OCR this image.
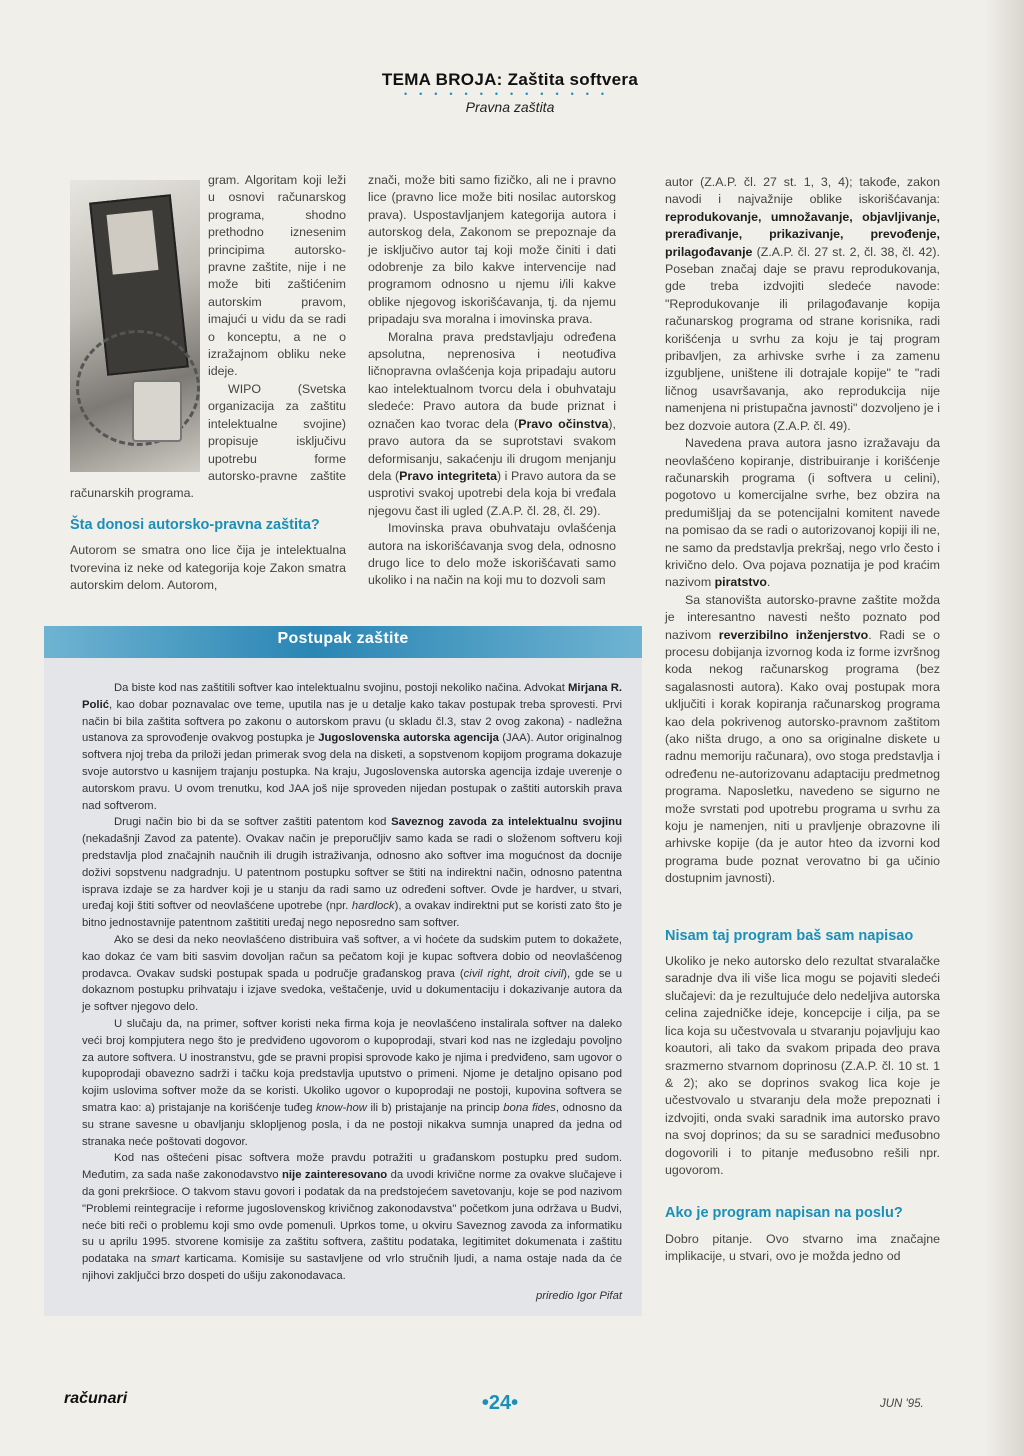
TEMA BROJA: Zaštita softvera
••••••••••••••
Pravna zaštita

gram. Algoritam koji leži u osnovi računarskog programa, shodno prethodno iznesenim principima autorsko-pravne zaštite, nije i ne može biti zaštićenim autorskim pravom, imajući u vidu da se radi o konceptu, a ne o izražajnom obliku neke ideje.

WIPO (Svetska organizacija za zaštitu intelektualne svojine) propisuje isključivu upotrebu forme autorsko-pravne zaštite računarskih programa.

Šta donosi autorsko-pravna zaštita?

Autorom se smatra ono lice čija je intelektualna tvorevina iz neke od kategorija koje Zakon smatra autorskim delom. Autorom,

znači, može biti samo fizičko, ali ne i pravno lice (pravno lice može biti nosilac autorskog prava). Uspostavljanjem kategorija autora i autorskog dela, Zakonom se prepoznaje da je isključivo autor taj koji može činiti i dati odobrenje za bilo kakve intervencije nad programom odnosno u njemu i/ili kakve oblike njegovog iskorišćavanja, tj. da njemu pripadaju sva moralna i imovinska prava.

Moralna prava predstavljaju određena apsolutna, neprenosiva i neotuđiva ličnopravna ovlašćenja koja pripadaju autoru kao intelektualnom tvorcu dela i obuhvataju sledeće: Pravo autora da bude priznat i označen kao tvorac dela (Pravo očinstva), pravo autora da se suprotstavi svakom deformisanju, sakaćenju ili drugom menjanju dela (Pravo integriteta) i Pravo autora da se usprotivi svakoj upotrebi dela koja bi vređala njegovu čast ili ugled (Z.A.P. čl. 28, čl. 29).

Imovinska prava obuhvataju ovlašćenja autora na iskorišćavanja svog dela, odnosno drugo lice to delo može iskorišćavati samo ukoliko i na način na koji mu to dozvoli sam

autor (Z.A.P. čl. 27 st. 1, 3, 4); takođe, zakon navodi i najvažnije oblike iskorišćavanja: reprodukovanje, umnožavanje, objavljivanje, prerađivanje, prikazivanje, prevođenje, prilagođavanje (Z.A.P. čl. 27 st. 2, čl. 38, čl. 42). Poseban značaj daje se pravu reprodukovanja, gde treba izdvojiti sledeće navode: "Reprodukovanje ili prilagođavanje kopija računarskog programa od strane korisnika, radi korišćenja u svrhu za koju je taj program pribavljen, za arhivske svrhe i za zamenu izgubljene, uništene ili dotrajale kopije" te "radi ličnog usavršavanja, ako reprodukcija nije namenjena ni pristupačna javnosti" dozvoljeno je i bez dozvoie autora (Z.A.P. čl. 49).

Navedena prava autora jasno izražavaju da neovlašćeno kopiranje, distribuiranje i korišćenje računarskih programa (i softvera u celini), pogotovo u komercijalne svrhe, bez obzira na predumišljaj da se potencijalni komitent navede na pomisao da se radi o autorizovanoj kopiji ili ne, ne samo da predstavlja prekršaj, nego vrlo često i krivično delo. Ova pojava poznatija je pod kraćim nazivom piratstvo.

Sa stanovišta autorsko-pravne zaštite možda je interesantno navesti nešto poznato pod nazivom reverzibilno inženjerstvo. Radi se o procesu dobijanja izvornog koda iz forme izvršnog koda nekog računarskog programa (bez sagalasnosti autora). Kako ovaj postupak mora uključiti i korak kopiranja računarskog programa kao dela pokrivenog autorsko-pravnom zaštitom (ako ništa drugo, a ono sa originalne diskete u radnu memoriju računara), ovo stoga predstavlja i određenu ne-autorizovanu adaptaciju predmetnog programa. Naposletku, navedeno se sigurno ne može svrstati pod upotrebu programa u svrhu za koju je namenjen, niti u pravljenje obrazovne ili arhivske kopije (da je autor hteo da izvorni kod programa bude poznat verovatno bi ga učinio dostupnim javnosti).

Nisam taj program baš sam napisao

Ukoliko je neko autorsko delo rezultat stvaralačke saradnje dva ili više lica mogu se pojaviti sledeći slučajevi: da je rezultujuće delo nedeljiva autorska celina zajedničke ideje, koncepcije i cilja, pa se lica koja su učestvovala u stvaranju pojavljuju kao koautori, ali tako da svakom pripada deo prava srazmerno stvarnom doprinosu (Z.A.P. čl. 10 st. 1 & 2); ako se doprinos svakog lica koje je učestvovalo u stvaranju dela može prepoznati i izdvojiti, onda svaki saradnik ima autorsko pravo na svoj doprinos; da su se saradnici međusobno dogovorili i to pitanje međusobno rešili npr. ugovorom.

Ako je program napisan na poslu?

Dobro pitanje. Ovo stvarno ima značajne implikacije, u stvari, ovo je možda jedno od

Postupak zaštite

Da biste kod nas zaštitili softver kao intelektualnu svojinu, postoji nekoliko načina. Advokat Mirjana R. Polić, kao dobar poznavalac ove teme, uputila nas je u detalje kako takav postupak treba sprovesti. Prvi način bi bila zaštita softvera po zakonu o autorskom pravu (u skladu čl.3, stav 2 ovog zakona) - nadležna ustanova za sprovođenje ovakvog postupka je Jugoslovenska autorska agencija (JAA). Autor originalnog softvera njoj treba da priloži jedan primerak svog dela na disketi, a sopstvenom kopijom programa dokazuje svoje autorstvo u kasnijem trajanju postupka. Na kraju, Jugoslovenska autorska agencija izdaje uverenje o autorskom pravu. U ovom trenutku, kod JAA još nije sproveden nijedan postupak o zaštiti autorskih prava nad softverom.

Drugi način bio bi da se softver zaštiti patentom kod Saveznog zavoda za intelektualnu svojinu (nekadašnji Zavod za patente). Ovakav način je preporučljiv samo kada se radi o složenom softveru koji predstavlja plod značajnih naučnih ili drugih istraživanja, odnosno ako softver ima mogućnost da docnije doživi sopstvenu nadgradnju. U patentnom postupku softver se štiti na indirektni način, odnosno patentna isprava izdaje se za hardver koji je u stanju da radi samo uz određeni softver. Ovde je hardver, u stvari, uređaj koji štiti softver od neovlašćene upotrebe (npr. hardlock), a ovakav indirektni put se koristi zato što je bitno jednostavnije patentnom zaštititi uređaj nego neposredno sam softver.

Ako se desi da neko neovlašćeno distribuira vaš softver, a vi hoćete da sudskim putem to dokažete, kao dokaz će vam biti sasvim dovoljan račun sa pečatom koji je kupac softvera dobio od neovlašćenog prodavca. Ovakav sudski postupak spada u područje građanskog prava (civil right, droit civil), gde se u dokaznom postupku prihvataju i izjave svedoka, veštačenje, uvid u dokumentaciju i dokazivanje autora da je softver njegovo delo.

U slučaju da, na primer, softver koristi neka firma koja je neovlašćeno instalirala softver na daleko veći broj kompjutera nego što je predviđeno ugovorom o kupoprodaji, stvari kod nas ne izgledaju povoljno za autore softvera. U inostranstvu, gde se pravni propisi sprovode kako je njima i predviđeno, sam ugovor o kupoprodaji obavezno sadrži i tačku koja predstavlja uputstvo o primeni. Njome je detaljno opisano pod kojim uslovima softver može da se koristi. Ukoliko ugovor o kupoprodaji ne postoji, kupovina softvera se smatra kao: a) pristajanje na korišćenje tuđeg know-how ili b) pristajanje na princip bona fides, odnosno da su strane savesne u obavljanju skloplјenog posla, i da ne postoji nikakva sumnja unapred da jedna od stranaka neće poštovati dogovor.

Kod nas oštećeni pisac softvera može pravdu potražiti u građanskom postupku pred sudom. Međutim, za sada naše zakonodavstvo nije zainteresovano da uvodi krivične norme za ovakve slučajeve i da goni prekršioce. O takvom stavu govori i podatak da na predstojećem savetovanju, koje se pod nazivom "Problemi reintegracije i reforme jugoslovenskog krivičnog zakonodavstva" početkom juna održava u Budvi, neće biti reči o problemu koji smo ovde pomenuli. Uprkos tome, u okviru Saveznog zavoda za informatiku su u aprilu 1995. stvorene komisije za zaštitu softvera, zaštitu podataka, legitimitet dokumenata i zaštitu podataka na smart karticama. Komisije su sastavljene od vrlo stručnih ljudi, a nama ostaje nada da će njihovi zaključci brzo dospeti do ušiju zakonodavaca.

priredio Igor Pifat
računari	•24•	JUN '95.
